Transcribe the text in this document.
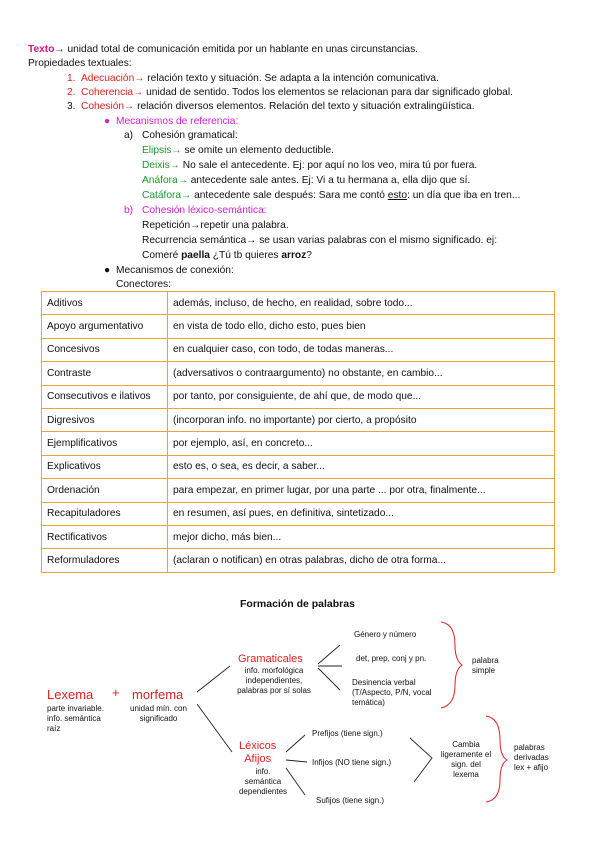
Texto→ unidad total de comunicación emitida por un hablante en unas circunstancias.
Propiedades textuales:
1. Adecuación→ relación texto y situación. Se adapta a la intención comunicativa.
2. Coherencia→ unidad de sentido. Todos los elementos se relacionan para dar significado global.
3. Cohesión→ relación diversos elementos. Relación del texto y situación extralingüística.
● Mecanismos de referencia:
a) Cohesión gramatical:
Elipsis→ se omite un elemento deductible.
Deixis→ No sale el antecedente. Ej: por aquí no los veo, mira tú por fuera.
Anáfora→ antecedente sale antes. Ej: Vi a tu hermana a, ella dijo que sí.
Catáfora→ antecedente sale después: Sara me contó esto: un día que iba en tren...
b) Cohesión léxico-semántica:
Repetición→repetir una palabra.
Recurrencia semántica→ se usan varias palabras con el mismo significado. ej:
Comeré paella ¿Tú tb quieres arroz?
● Mecanismos de conexión:
Conectores:
Aditivos	además, incluso, de hecho, en realidad, sobre todo...
Apoyo argumentativo	en vista de todo ello, dicho esto, pues bien
Concesivos	en cualquier caso, con todo, de todas maneras...
Contraste	(adversativos o contraargumento) no obstante, en cambio...
Consecutivos e ilativos	por tanto, por consiguiente, de ahí que, de modo que...
Digresivos	(incorporan info. no importante) por cierto, a propósito
Ejemplificativos	por ejemplo, así, en concreto...
Explicativos	esto es, o sea, es decir, a saber...
Ordenación	para empezar, en primer lugar, por una parte ... por otra, finalmente...
Recapituladores	en resumen, así pues, en definitiva, sintetizado...
Rectificativos	mejor dicho, más bien...
Reformuladores	(aclaran o notifican) en otras palabras, dicho de otra forma...
Formación de palabras
Lexema + morfema
parte invariable.
info. semántica
raíz
unidad mín. con
significado
Gramaticales
info. morfológica
independientes,
palabras por sí solas
Género y número
det, prep, conj y pn.
Desinencia verbal
(T/Aspecto, P/N, vocal
temática)
palabra
simple
Léxicos
Afijos
info.
semántica
dependientes
Prefijos (tiene sign.)
Infijos (NO tiene sign.)
Sufijos (tiene sign.)
Cambia
ligeramente el
sign. del
lexema
palabras
derivadas
lex + afijo
